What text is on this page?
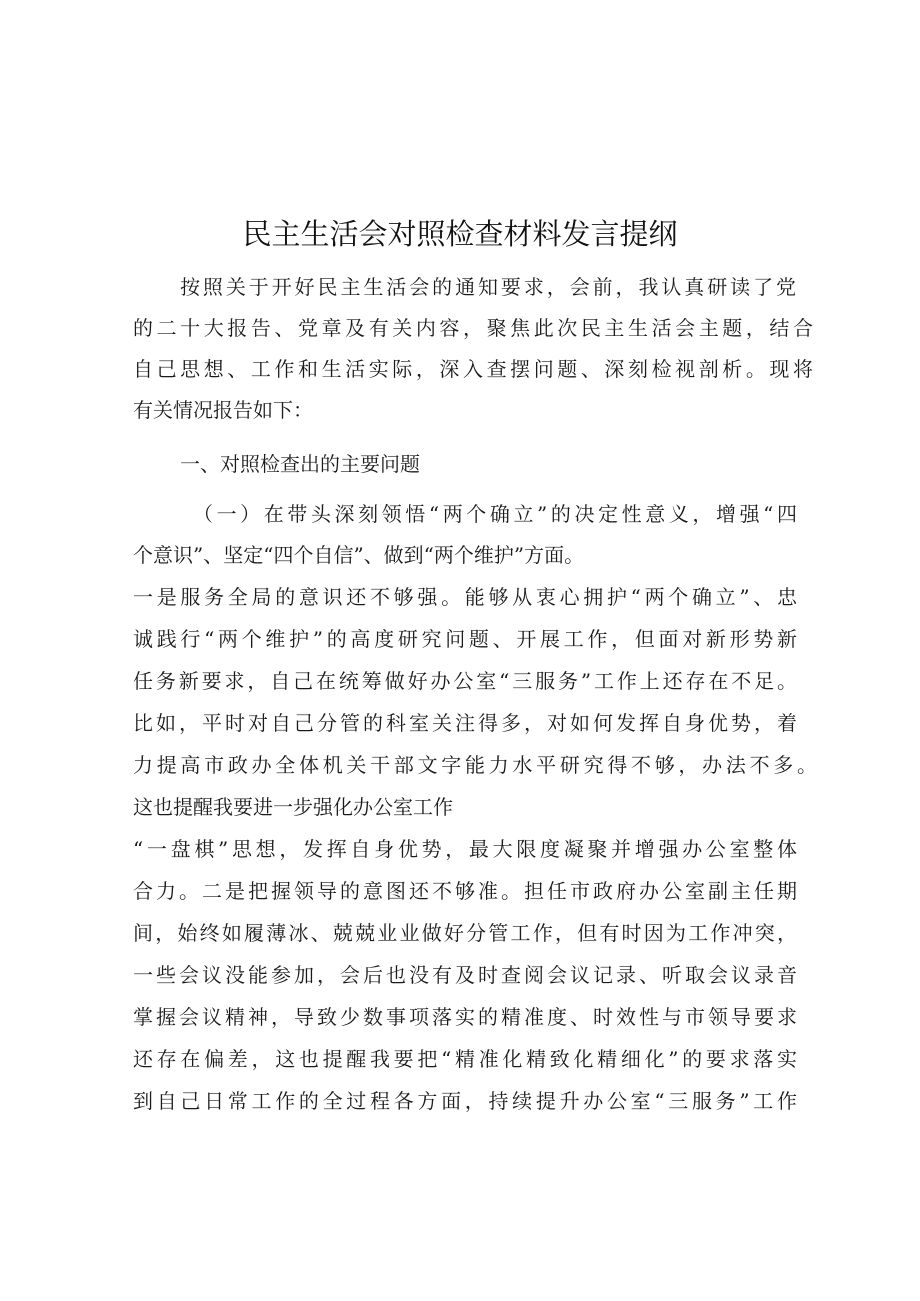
民主生活会对照检查材料发言提纲

按照关于开好民主生活会的通知要求，会前，我认真研读了党

的二十大报告、党章及有关内容，聚焦此次民主生活会主题，结合

自己思想、工作和生活实际，深入查摆问题、深刻检视剖析。现将

有关情况报告如下：

一、对照检查出的主要问题

（一）在带头深刻领悟“两个确立”的决定性意义，增强“四

个意识”、坚定“四个自信”、做到“两个维护”方面。

一是服务全局的意识还不够强。能够从衷心拥护“两个确立”、忠

诚践行“两个维护”的高度研究问题、开展工作，但面对新形势新

任务新要求，自己在统筹做好办公室“三服务”工作上还存在不足。

比如，平时对自己分管的科室关注得多，对如何发挥自身优势，着

力提高市政办全体机关干部文字能力水平研究得不够，办法不多。

这也提醒我要进一步强化办公室工作

“一盘棋”思想，发挥自身优势，最大限度凝聚并增强办公室整体

合力。二是把握领导的意图还不够准。担任市政府办公室副主任期

间，始终如履薄冰、兢兢业业做好分管工作，但有时因为工作冲突，

一些会议没能参加，会后也没有及时查阅会议记录、听取会议录音

掌握会议精神，导致少数事项落实的精准度、时效性与市领导要求

还存在偏差，这也提醒我要把“精准化精致化精细化”的要求落实

到自己日常工作的全过程各方面，持续提升办公室“三服务”工作
